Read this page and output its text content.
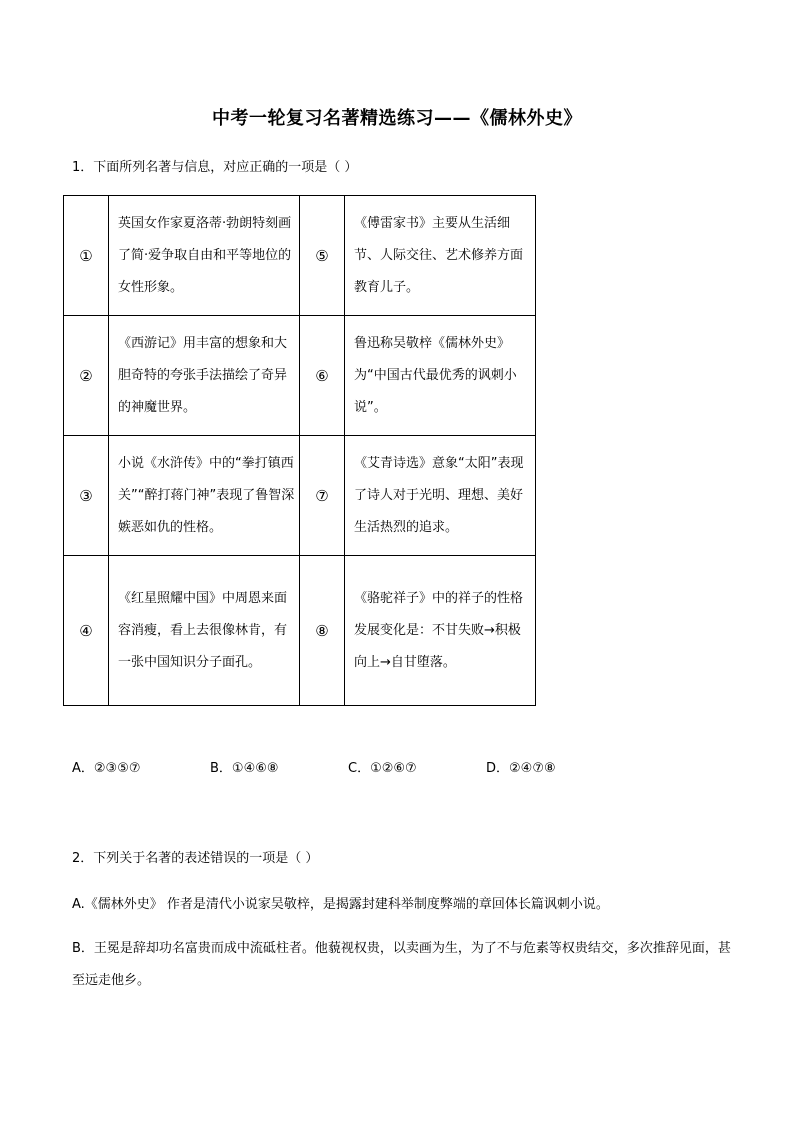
中考一轮复习名著精选练习——《儒林外史》
1．下面所列名著与信息，对应正确的一项是（ ）
①	英国女作家夏洛蒂·勃朗特刻画了简·爱争取自由和平等地位的女性形象。	⑤	《傅雷家书》主要从生活细节、人际交往、艺术修养方面教育儿子。
②	《西游记》用丰富的想象和大胆奇特的夸张手法描绘了奇异的神魔世界。	⑥	鲁迅称吴敬梓《儒林外史》为“中国古代最优秀的讽刺小说”。
③	小说《水浒传》中的“拳打镇西关”“醉打蒋门神”表现了鲁智深嫉恶如仇的性格。	⑦	《艾青诗选》意象“太阳”表现了诗人对于光明、理想、美好生活热烈的追求。
④	《红星照耀中国》中周恩来面容消瘦，看上去很像林肯，有一张中国知识分子面孔。	⑧	《骆驼祥子》中的祥子的性格发展变化是：不甘失败→积极向上→自甘堕落。
A．②③⑤⑦	B．①④⑥⑧	C．①②⑥⑦	D．②④⑦⑧
2．下列关于名著的表述错误的一项是（ ）
A.《儒林外史》 作者是清代小说家吴敬梓，是揭露封建科举制度弊端的章回体长篇讽刺小说。
B．王冕是辞却功名富贵而成中流砥柱者。他藐视权贵，以卖画为生，为了不与危素等权贵结交，多次推辞见面，甚至远走他乡。
